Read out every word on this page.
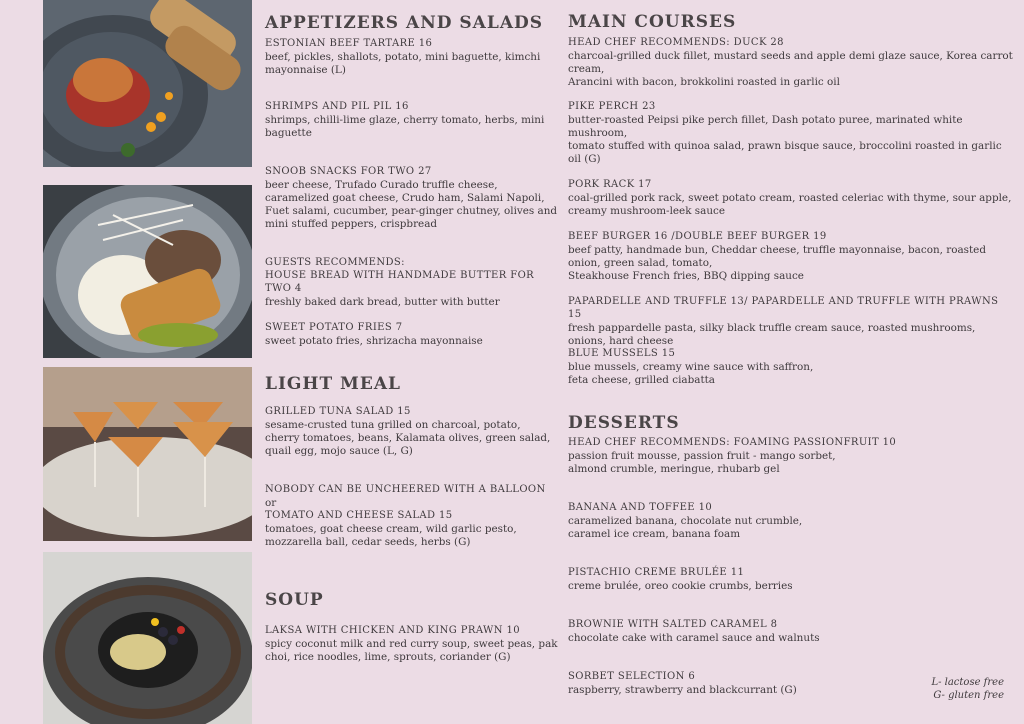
APPETIZERS AND SALADS
ESTONIAN BEEF TARTARE 16
beef, pickles, shallots, potato, mini baguette, kimchi mayonnaise (L)
SHRIMPS AND PIL PIL 16
shrimps, chilli-lime glaze, cherry tomato, herbs, mini baguette
SNOOB SNACKS FOR TWO 27
beer cheese, Trufado Curado truffle cheese, caramelized goat cheese, Crudo ham, Salami Napoli, Fuet salami, cucumber, pear-ginger chutney, olives and mini stuffed peppers, crispbread
GUESTS RECOMMENDS:
HOUSE BREAD WITH HANDMADE BUTTER FOR TWO 4
freshly baked dark bread, butter with butter
SWEET POTATO FRIES 7
sweet potato fries, shrizacha mayonnaise
LIGHT MEAL
GRILLED TUNA SALAD 15
sesame-crusted tuna grilled on charcoal, potato, cherry tomatoes, beans, Kalamata olives, green salad, quail egg, mojo sauce (L, G)
NOBODY CAN BE UNCHEERED WITH A BALLOON
or
TOMATO AND CHEESE SALAD 15
tomatoes, goat cheese cream, wild garlic pesto, mozzarella ball, cedar seeds, herbs (G)
SOUP
LAKSA WITH CHICKEN AND KING PRAWN 10
spicy coconut milk and red curry soup, sweet peas, pak choi, rice noodles, lime, sprouts, coriander (G)
MAIN COURSES
HEAD CHEF RECOMMENDS: DUCK 28
charcoal-grilled duck fillet, mustard seeds and apple demi glaze sauce, Korea carrot cream,
Arancini with bacon, brokkolini roasted in garlic oil
PIKE PERCH 23
butter-roasted Peipsi pike perch fillet, Dash potato puree, marinated white mushroom,
tomato stuffed with quinoa salad, prawn bisque sauce, broccolini roasted in garlic oil (G)
PORK RACK 17
coal-grilled pork rack, sweet potato cream, roasted celeriac with thyme, sour apple, creamy mushroom-leek sauce
BEEF BURGER 16 /DOUBLE BEEF BURGER 19
beef patty, handmade bun, Cheddar cheese, truffle mayonnaise, bacon, roasted onion, green salad, tomato,
Steakhouse French fries, BBQ dipping sauce
PAPARDELLE AND TRUFFLE 13/ PAPARDELLE AND TRUFFLE WITH PRAWNS 15
fresh pappardelle pasta, silky black truffle cream sauce, roasted mushrooms, onions, hard cheese
BLUE MUSSELS 15
blue mussels, creamy wine sauce with saffron,
feta cheese, grilled ciabatta
DESSERTS
HEAD CHEF RECOMMENDS: FOAMING PASSIONFRUIT 10
passion fruit mousse, passion fruit - mango sorbet,
almond crumble, meringue, rhubarb gel
BANANA AND TOFFEE 10
caramelized banana, chocolate nut crumble,
caramel ice cream, banana foam
PISTACHIO CREME BRULÉE 11
creme brulée, oreo cookie crumbs, berries
BROWNIE WITH SALTED CARAMEL 8
chocolate cake with caramel sauce and walnuts
SORBET SELECTION 6
raspberry, strawberry and blackcurrant (G)
L- lactose free
G- gluten free
